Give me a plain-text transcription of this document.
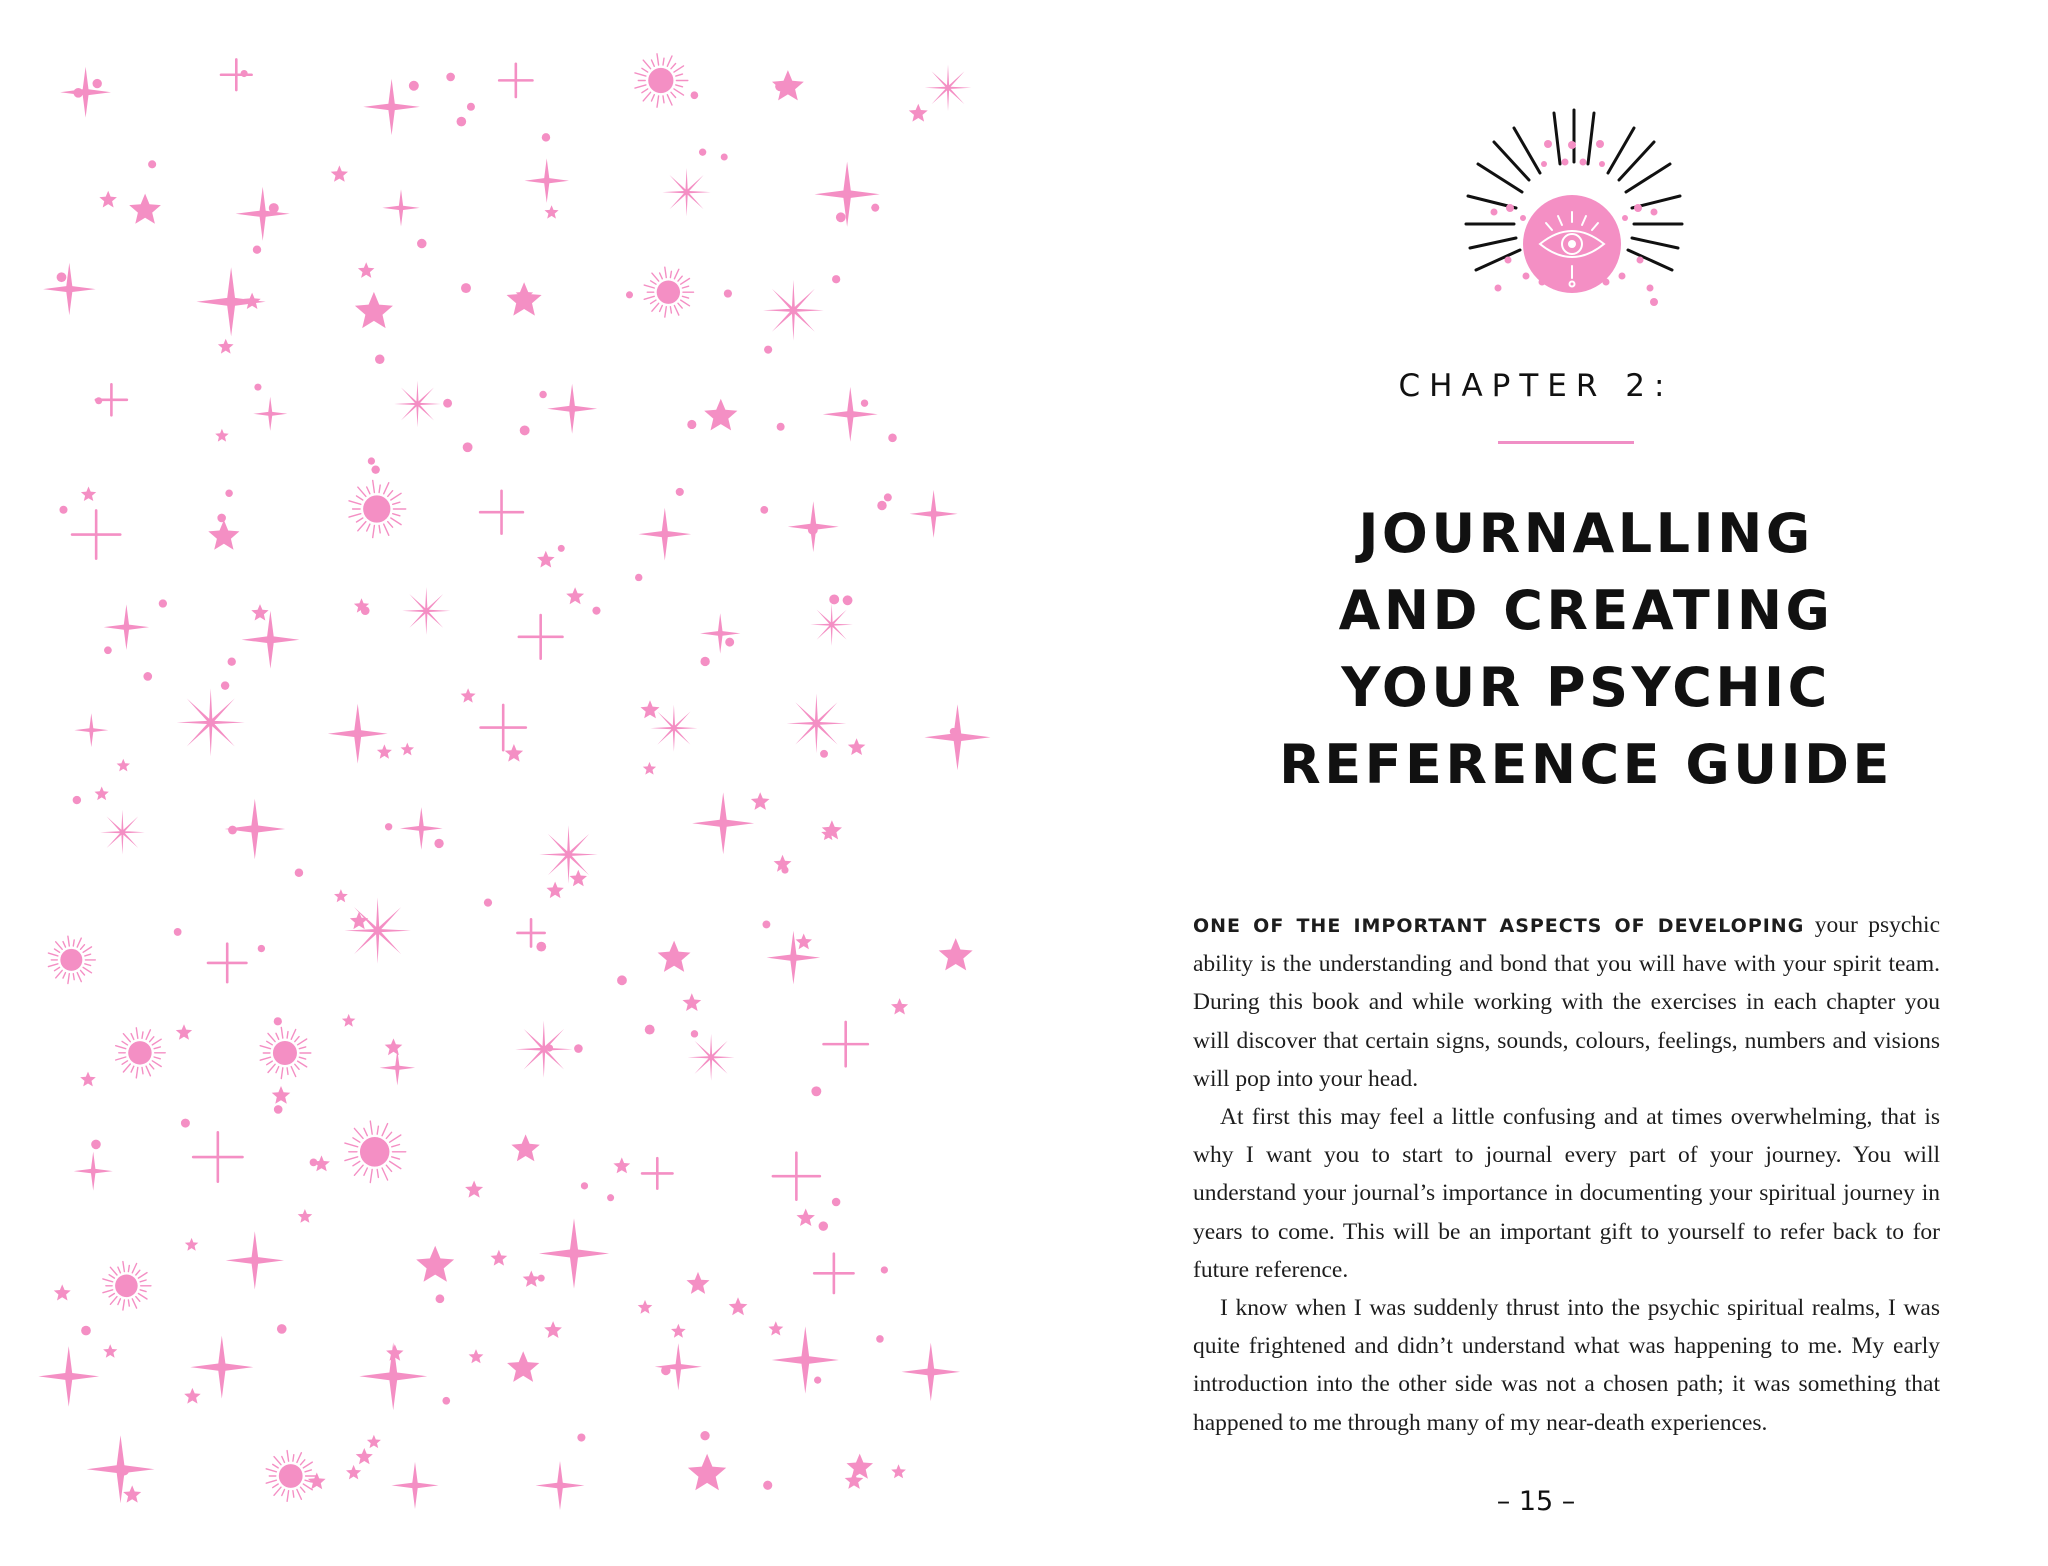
CHAPTER 2:
JOURNALLING
AND CREATING
YOUR PSYCHIC
REFERENCE GUIDE

ONE OF THE IMPORTANT ASPECTS OF DEVELOPING your psychic ability is the understanding and bond that you will have with your spirit team. During this book and while working with the exercises in each chapter you will discover that certain signs, sounds, colours, feelings, numbers and visions will pop into your head.

At first this may feel a little confusing and at times overwhelming, that is why I want you to start to journal every part of your journey. You will understand your journal’s importance in documenting your spiritual journey in years to come. This will be an important gift to yourself to refer back to for future reference.

I know when I was suddenly thrust into the psychic spiritual realms, I was quite frightened and didn’t understand what was happening to me. My early introduction into the other side was not a chosen path; it was something that happened to me through many of my near-death experiences.

– 15 –
